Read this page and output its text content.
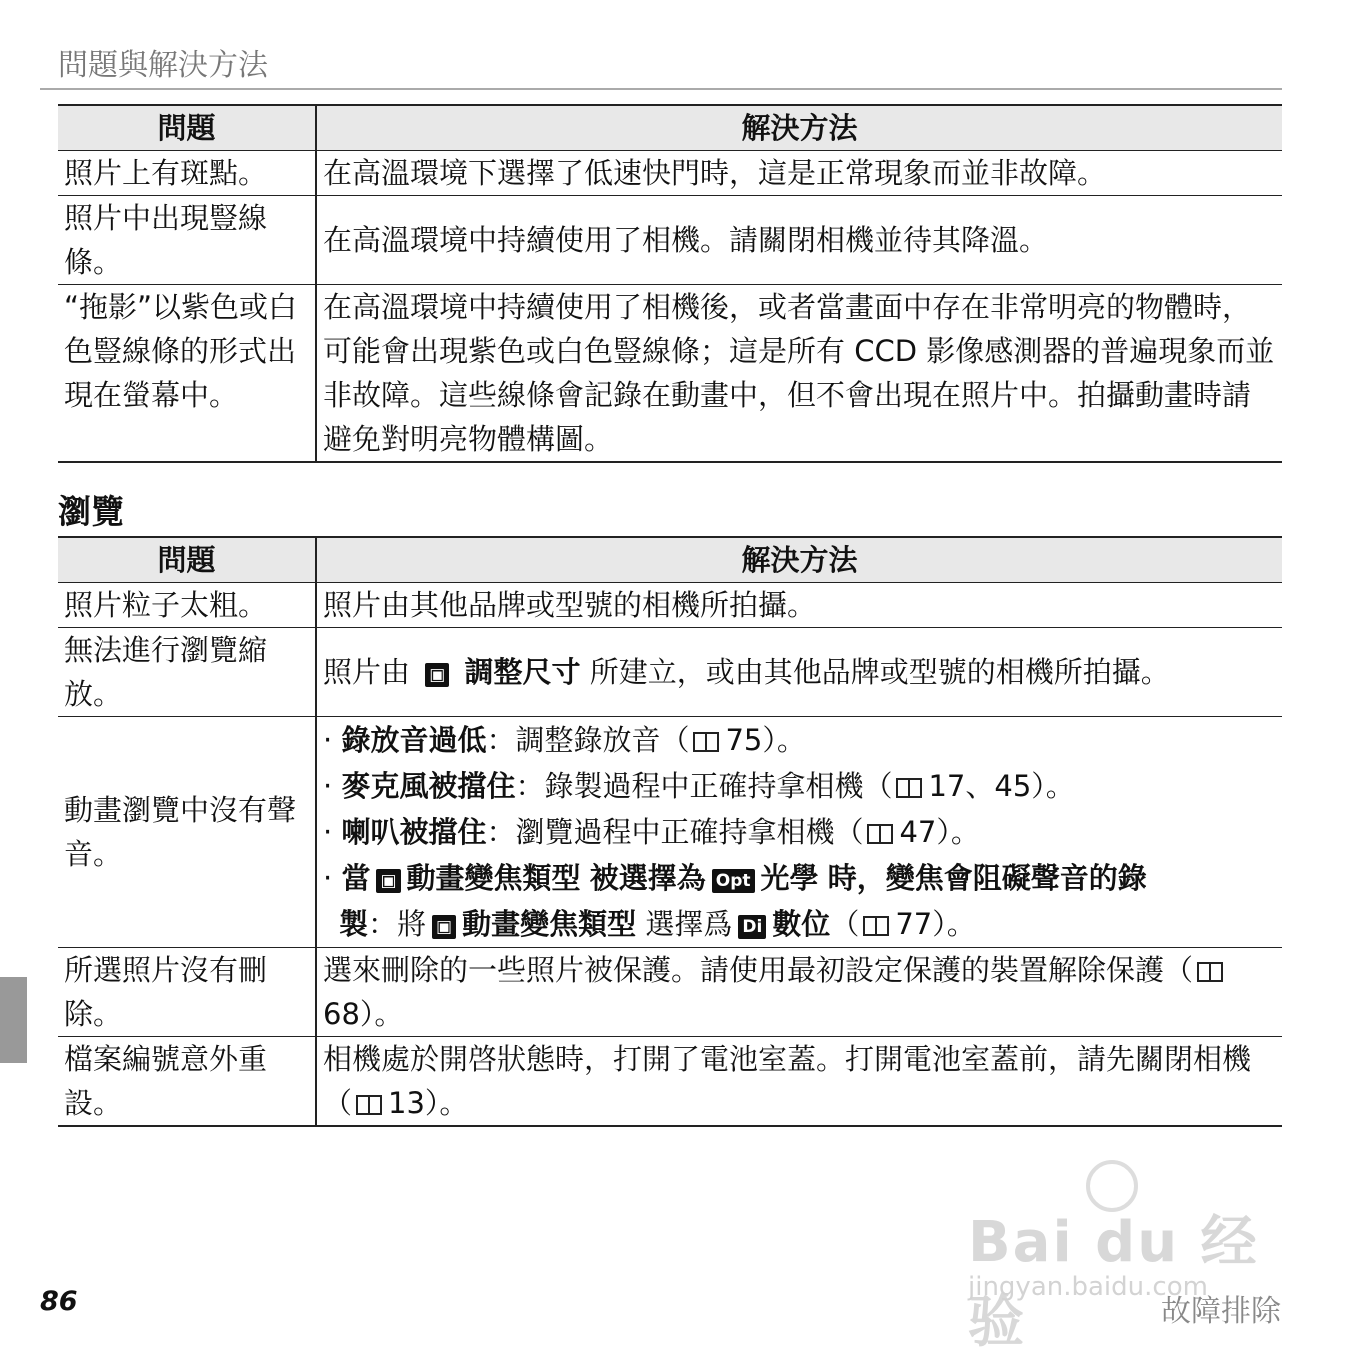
問題與解決方法
問題	解決方法
照片上有斑點。	在高溫環境下選擇了低速快門時，這是正常現象而並非故障。
照片中出現豎線條。	在高溫環境中持續使用了相機。請關閉相機並待其降溫。
“拖影”以紫色或白色豎線條的形式出現在螢幕中。	在高溫環境中持續使用了相機後，或者當畫面中存在非常明亮的物體時，可能會出現紫色或白色豎線條；這是所有 CCD 影像感測器的普遍現象而並非故障。這些線條會記錄在動畫中，但不會出現在照片中。拍攝動畫時請避免對明亮物體構圖。
瀏覽
問題	解決方法
照片粒子太粗。	照片由其他品牌或型號的相機所拍攝。
無法進行瀏覽縮放。	照片由 ▣ 調整尺寸 所建立，或由其他品牌或型號的相機所拍攝。
動畫瀏覽中沒有聲音。	· 錄放音過低：調整錄放音（ 75）。
· 麥克風被擋住：錄製過程中正確持拿相機（ 17、45）。
· 喇叭被擋住：瀏覽過程中正確持拿相機（ 47）。
· 當 ▣ 動畫變焦類型 被選擇為 Opt 光學 時，變焦會阻礙聲音的錄
製：將 ▣ 動畫變焦類型 選擇爲 Di 數位（ 77）。

所選照片沒有刪除。	選來刪除的一些照片被保護。請使用最初設定保護的裝置解除保護（68）。
檔案編號意外重設。	相機處於開啓狀態時，打開了電池室蓋。打開電池室蓋前，請先關閉相機（ 13）。
Bai du 经验
jingyan.baidu.com
86	故障排除
